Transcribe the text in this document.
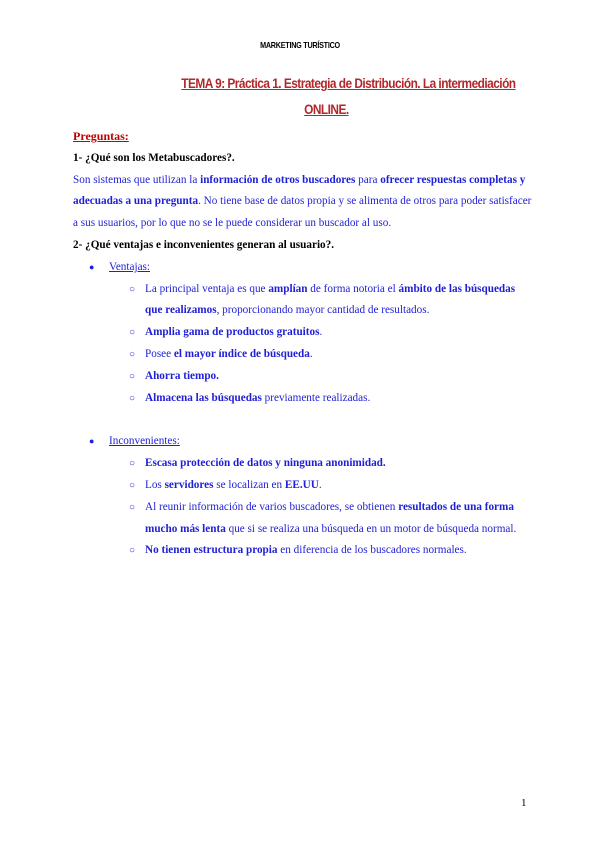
MARKETING TURÍSTICO
TEMA 9: Práctica 1. Estrategia de Distribución. La intermediación
ONLINE.

Preguntas:

1- ¿Qué son los Metabuscadores?.

Son sistemas que utilizan la información de otros buscadores para ofrecer respuestas completas y adecuadas a una pregunta. No tiene base de datos propia y se alimenta de otros para poder satisfacer a sus usuarios, por lo que no se le puede considerar un buscador al uso.

2- ¿Qué ventajas e inconvenientes generan al usuario?.

● Ventajas:
○ La principal ventaja es que amplían de forma notoria el ámbito de las búsquedas que realizamos, proporcionando mayor cantidad de resultados.
○ Amplia gama de productos gratuitos.
○ Posee el mayor índice de búsqueda.
○ Ahorra tiempo.
○ Almacena las búsquedas previamente realizadas.
● Inconvenientes:
○ Escasa protección de datos y ninguna anonimidad.
○ Los servidores se localizan en EE.UU.
○ Al reunir información de varios buscadores, se obtienen resultados de una forma mucho más lenta que si se realiza una búsqueda en un motor de búsqueda normal.
○ No tienen estructura propia en diferencia de los buscadores normales.
1
